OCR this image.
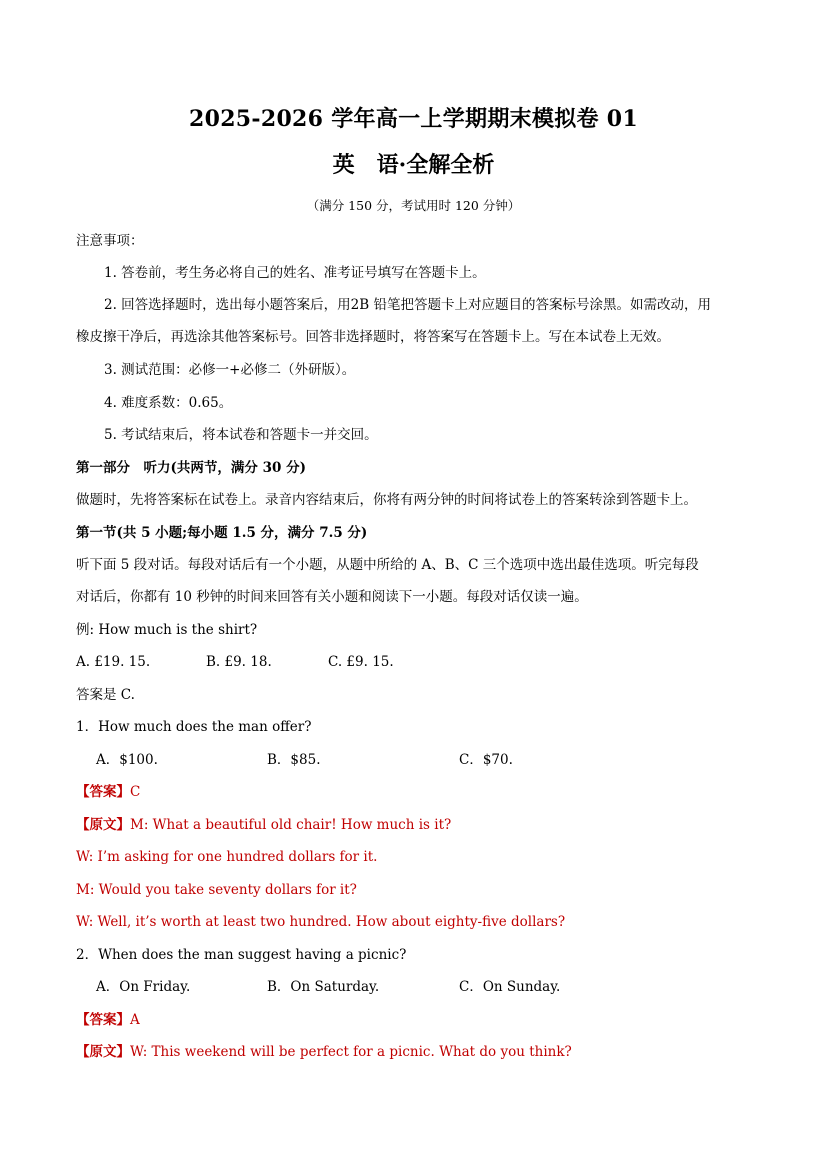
2025-2026 学年高一上学期期末模拟卷 01
英　语·全解全析
（满分 150 分，考试用时 120 分钟）
注意事项：
1. 答卷前，考生务必将自己的姓名、准考证号填写在答题卡上。
2. 回答选择题时，选出每小题答案后，用2B 铅笔把答题卡上对应题目的答案标号涂黑。如需改动，用
橡皮擦干净后，再选涂其他答案标号。回答非选择题时，将答案写在答题卡上。写在本试卷上无效。
3. 测试范围：必修一+必修二（外研版）。
4. 难度系数：0.65。
5. 考试结束后，将本试卷和答题卡一并交回。
第一部分　听力(共两节，满分 30 分)
做题时，先将答案标在试卷上。录音内容结束后，你将有两分钟的时间将试卷上的答案转涂到答题卡上。
第一节(共 5 小题;每小题 1.5 分，满分 7.5 分)
听下面 5 段对话。每段对话后有一个小题，从题中所给的 A、B、C 三个选项中选出最佳选项。听完每段
对话后，你都有 10 秒钟的时间来回答有关小题和阅读下一小题。每段对话仅读一遍。
例: How much is the shirt?
A. £19. 15.	B. £9. 18.	C. £9. 15.
答案是 C.
1．How much does the man offer?
A．$100.	B．$85.	C．$70.
【答案】C
【原文】M: What a beautiful old chair! How much is it?
W: I’m asking for one hundred dollars for it.
M: Would you take seventy dollars for it?
W: Well, it’s worth at least two hundred. How about eighty-five dollars?
2．When does the man suggest having a picnic?
A．On Friday.	B．On Saturday.	C．On Sunday.
【答案】A
【原文】W: This weekend will be perfect for a picnic. What do you think?
